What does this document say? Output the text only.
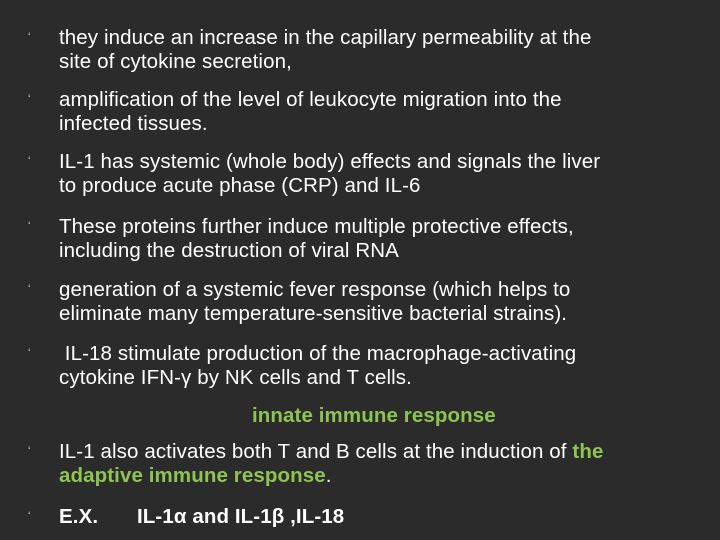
‘ they induce an increase in the capillary permeability at the
site of cytokine secretion,
‘ amplification of the level of leukocyte migration into the
infected tissues.
‘ IL-1 has systemic (whole body) effects and signals the liver
to produce acute phase (CRP) and IL-6
‘ These proteins further induce multiple protective effects,
including the destruction of viral RNA
‘ generation of a systemic fever response (which helps to
eliminate many temperature-sensitive bacterial strains).
‘ IL-18 stimulate production of the macrophage-activating
cytokine IFN-γ by NK cells and T cells.
innate immune response
‘ IL-1 also activates both T and B cells at the induction of the
adaptive immune response.
‘ E.X. IL-1α and IL-1β ,IL-18
